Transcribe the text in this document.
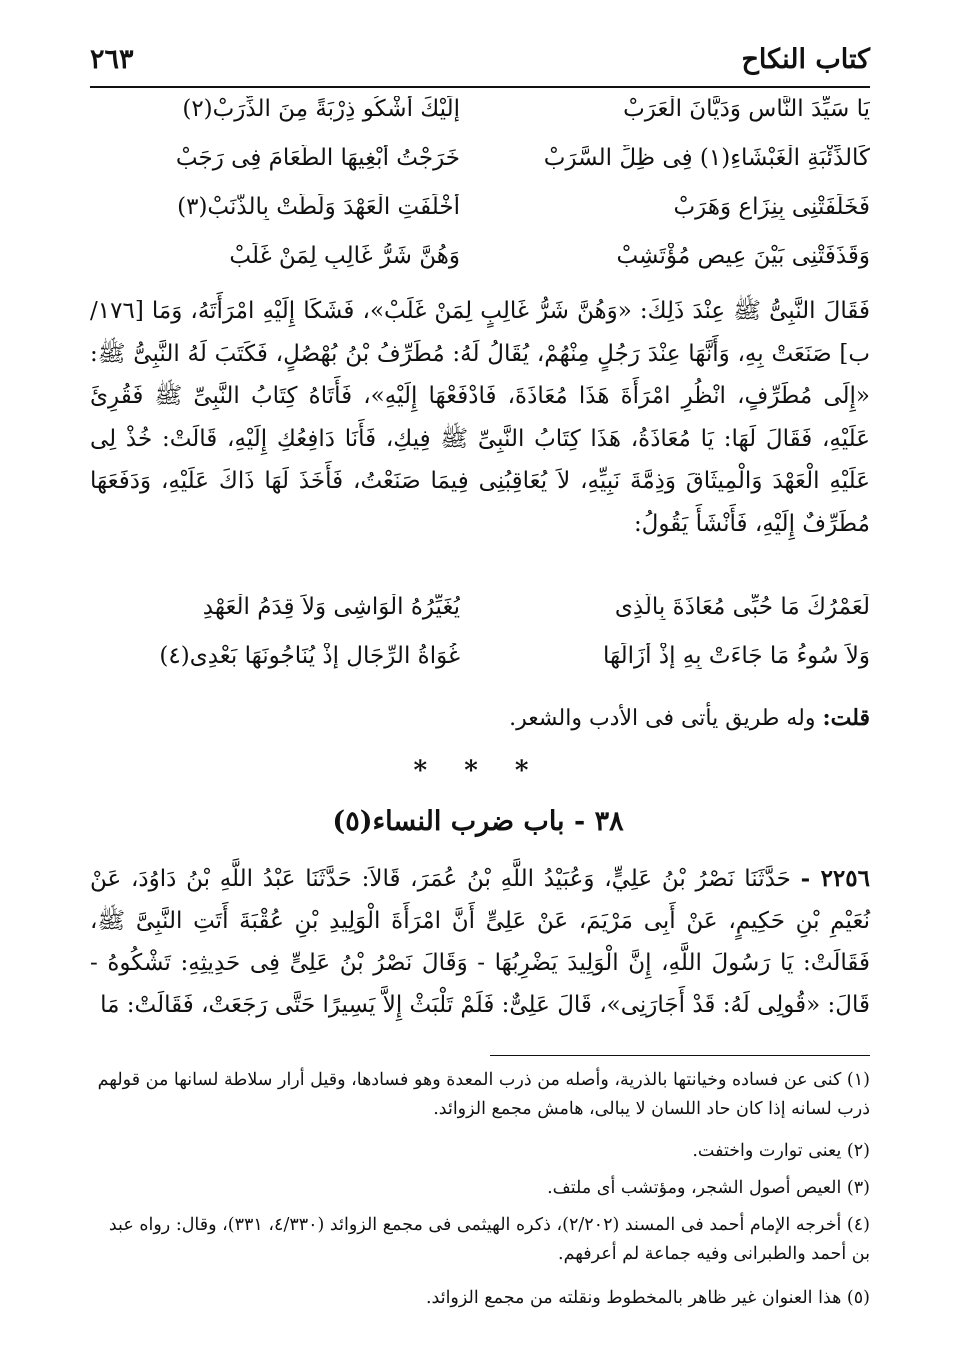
كتاب النكاح
٢٦٣
يَا سَيِّدَ النَّاسِ وَدَيَّانَ الْعَرَبْ
إِلَيْكَ أَشْكُو ذِرْبَةً مِنَ الذِّرَبْ(٢)
كَالذِّئْبَةِ الْغَبْشَاءِ(١) فِى ظِلِّ السَّرَبْ
خَرَجْتُ أَبْغِيهَا الطَّعَامَ فِى رَجَبْ
فَخَلَفَتْنِى بِنِزَاعٍ وَهَرَبْ
أَخْلَفَتِ الْعَهْدَ وَلَطَّتْ بِالذَّنَبْ(٣)
وَقَذَفَتْنِى بَيْنَ عِيصٍ مُؤْتَشِبْ
وَهُنَّ شَرُّ غَالِبٍ لِمَنْ غَلَبْ
فَقَالَ النَّبِىُّ ﷺ عِنْدَ ذَلِكَ: «وَهُنَّ شَرُّ غَالِبٍ لِمَنْ غَلَبْ»، فَشَكَا إِلَيْهِ امْرَأَتَهُ، وَمَا [١٧٦/ب] صَنَعَتْ بِهِ، وَأَنَّهَا عِنْدَ رَجُلٍ مِنْهُمْ، يُقَالُ لَهُ: مُطَرِّفُ بْنُ بُهْصُلٍ، فَكَتَبَ لَهُ النَّبِىُّ ﷺ: «إِلَى مُطَرِّفٍ، انْظُرِ امْرَأَةَ هَذَا مُعَاذَةَ، فَادْفَعْهَا إِلَيْهِ»، فَأَتَاهُ كِتَابُ النَّبِىِّ ﷺ فَقُرِئَ عَلَيْهِ، فَقَالَ لَهَا: يَا مُعَاذَةُ، هَذَا كِتَابُ النَّبِىِّ ﷺ فِيكِ، فَأَنَا دَافِعُكِ إِلَيْهِ، قَالَتْ: خُذْ لِى عَلَيْهِ الْعَهْدَ وَالْمِيثَاقَ وَذِمَّةَ نَبِيِّهِ، لاَ يُعَاقِبُنِى فِيمَا صَنَعْتُ، فَأَخَذَ لَهَا ذَاكَ عَلَيْهِ، وَدَفَعَهَا مُطَرِّفٌ إِلَيْهِ، فَأَنْشَأَ يَقُولُ:
لَعَمْرُكَ مَا حُبِّى مُعَاذَةَ بِالَّذِى
يُغَيِّرُهُ الْوَاشِى وَلاَ قِدَمُ الْعَهْدِ
وَلاَ سُوءُ مَا جَاءَتْ بِهِ إِذْ أَزَالَهَا
غُوَاةُ الرِّجَالِ إِذْ يُنَاجُونَهَا بَعْدِى(٤)
قلت: وله طريق يأتى فى الأدب والشعر.
* * *
٣٨ - باب ضرب النساء(٥)
٢٢٥٦ - حَدَّثَنَا نَصْرُ بْنُ عَلِيٍّ، وَعُبَيْدُ اللَّهِ بْنُ عُمَرَ، قَالاَ: حَدَّثَنَا عَبْدُ اللَّهِ بْنُ دَاوُدَ، عَنْ نُعَيْمِ بْنِ حَكِيمٍ، عَنْ أَبِى مَرْيَمَ، عَنْ عَلِىٍّ أَنَّ امْرَأَةَ الْوَلِيدِ بْنِ عُقْبَةَ أَتَتِ النَّبِىَّ ﷺ، فَقَالَتْ: يَا رَسُولَ اللَّهِ، إِنَّ الْوَلِيدَ يَضْرِبُهَا - وَقَالَ نَصْرُ بْنُ عَلِىٍّ فِى حَدِيثِهِ: تَشْكُوهُ - قَالَ: «قُولِى لَهُ: قَدْ أَجَارَنِى»، قَالَ عَلِىٌّ: فَلَمْ تَلْبَثْ إِلاَّ يَسِيرًا حَتَّى رَجَعَتْ، فَقَالَتْ: مَا
(١) كنى عن فساده وخيانتها بالذرية، وأصله من ذرب المعدة وهو فسادها، وقيل أرار سلاطة لسانها من قولهم ذرب لسانه إذا كان حاد اللسان لا يبالى، هامش مجمع الزوائد.
(٢) يعنى توارت واختفت.
(٣) العيص أصول الشجر، ومؤتشب أى ملتف.
(٤) أخرجه الإمام أحمد فى المسند (٢/٢٠٢)، ذكره الهيثمى فى مجمع الزوائد (٤/٣٣٠، ٣٣١)، وقال: رواه عبد بن أحمد والطبرانى وفيه جماعة لم أعرفهم.
(٥) هذا العنوان غير ظاهر بالمخطوط ونقلته من مجمع الزوائد.
